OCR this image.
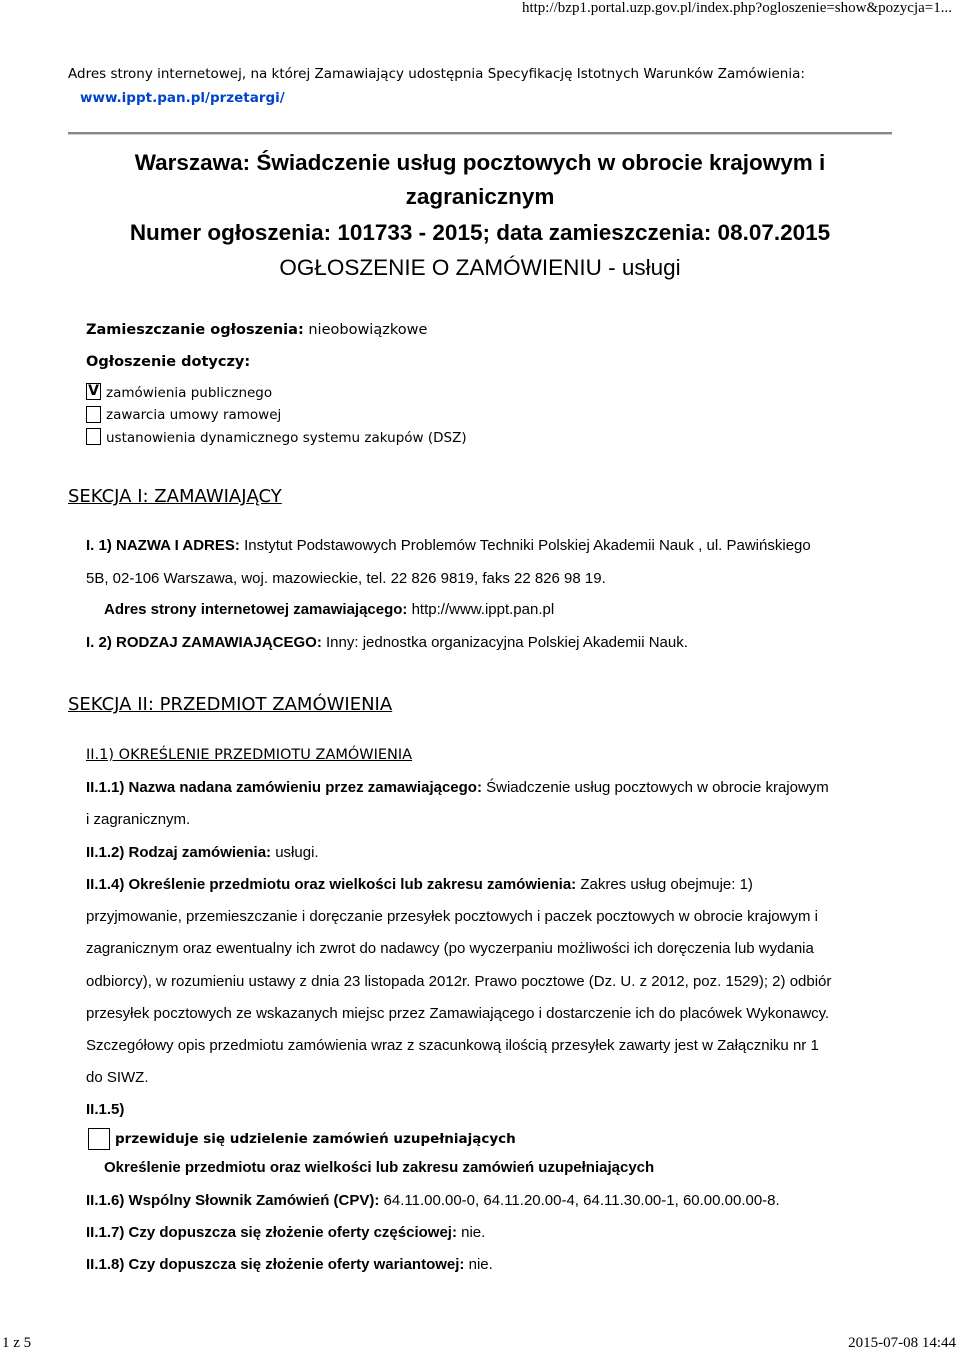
http://bzp1.portal.uzp.gov.pl/index.php?ogloszenie=show&pozycja=1...
Adres strony internetowej, na której Zamawiający udostępnia Specyfikację Istotnych Warunków Zamówienia:
www.ippt.pan.pl/przetargi/
Warszawa: Świadczenie usług pocztowych w obrocie krajowym i
zagranicznym
Numer ogłoszenia: 101733 - 2015; data zamieszczenia: 08.07.2015
OGŁOSZENIE O ZAMÓWIENIU - usługi
Zamieszczanie ogłoszenia: nieobowiązkowe
Ogłoszenie dotyczy:
V zamówienia publicznego
zawarcia umowy ramowej
ustanowienia dynamicznego systemu zakupów (DSZ)
SEKCJA I: ZAMAWIAJĄCY
I. 1) NAZWA I ADRES: Instytut Podstawowych Problemów Techniki Polskiej Akademii Nauk , ul. Pawińskiego
5B, 02-106 Warszawa, woj. mazowieckie, tel. 22 826 9819, faks 22 826 98 19.
Adres strony internetowej zamawiającego: http://www.ippt.pan.pl
I. 2) RODZAJ ZAMAWIAJĄCEGO: Inny: jednostka organizacyjna Polskiej Akademii Nauk.
SEKCJA II: PRZEDMIOT ZAMÓWIENIA
II.1) OKREŚLENIE PRZEDMIOTU ZAMÓWIENIA
II.1.1) Nazwa nadana zamówieniu przez zamawiającego: Świadczenie usług pocztowych w obrocie krajowym
i zagranicznym.
II.1.2) Rodzaj zamówienia: usługi.
II.1.4) Określenie przedmiotu oraz wielkości lub zakresu zamówienia: Zakres usług obejmuje: 1)
przyjmowanie, przemieszczanie i doręczanie przesyłek pocztowych i paczek pocztowych w obrocie krajowym i
zagranicznym oraz ewentualny ich zwrot do nadawcy (po wyczerpaniu możliwości ich doręczenia lub wydania
odbiorcy), w rozumieniu ustawy z dnia 23 listopada 2012r. Prawo pocztowe (Dz. U. z 2012, poz. 1529); 2) odbiór
przesyłek pocztowych ze wskazanych miejsc przez Zamawiającego i dostarczenie ich do placówek Wykonawcy.
Szczegółowy opis przedmiotu zamówienia wraz z szacunkową ilością przesyłek zawarty jest w Załączniku nr 1
do SIWZ.
II.1.5)
przewiduje się udzielenie zamówień uzupełniających
Określenie przedmiotu oraz wielkości lub zakresu zamówień uzupełniających
II.1.6) Wspólny Słownik Zamówień (CPV): 64.11.00.00-0, 64.11.20.00-4, 64.11.30.00-1, 60.00.00.00-8.
II.1.7) Czy dopuszcza się złożenie oferty częściowej: nie.
II.1.8) Czy dopuszcza się złożenie oferty wariantowej: nie.
1 z 5	2015-07-08 14:44
